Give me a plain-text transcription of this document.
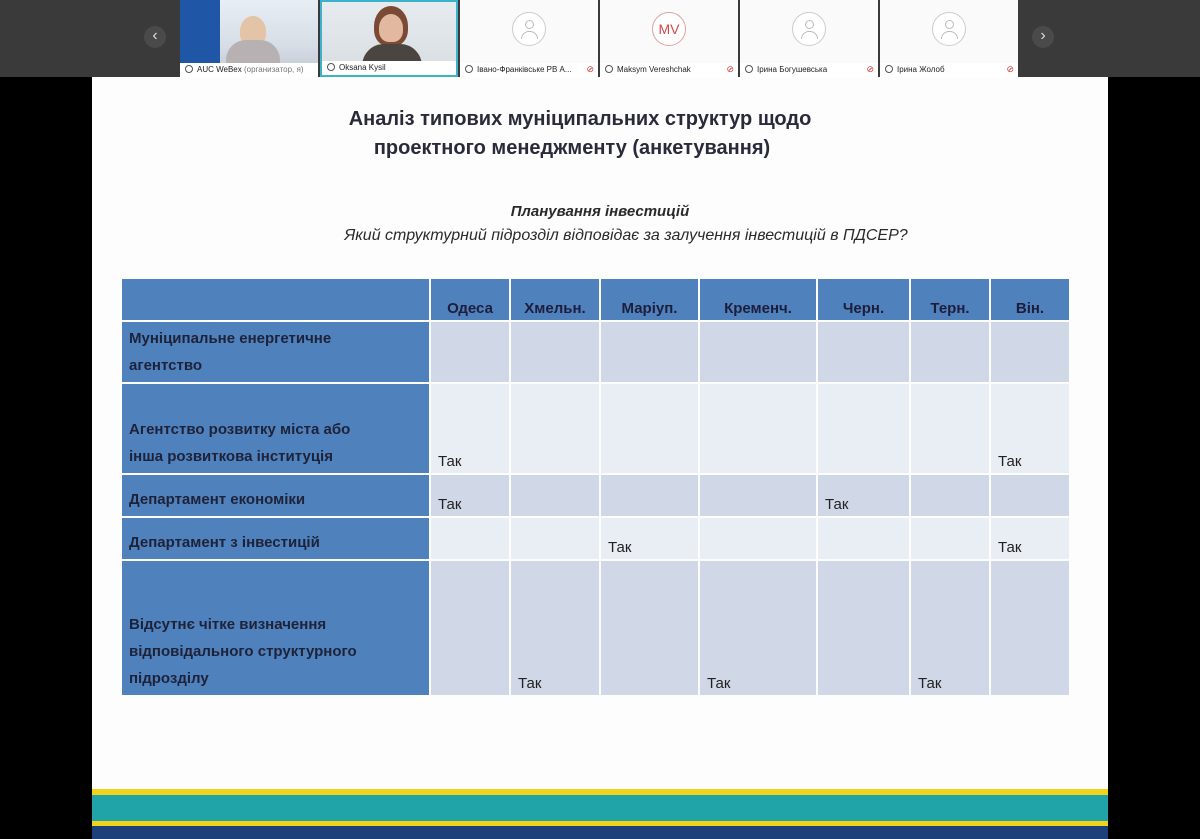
‹
AUC WeBex (организатор, я)	Oksana Kysil	Івано-Франківське РВ А...	⊘
MV
Maksym Vereshchak	⊘	Ірина Богушевська	⊘	Ірина Жолоб	⊘
›
Аналіз типових муніципальних структур щодо
проектного менеджменту (анкетування)
Планування інвестицій
Який структурний підрозділ відповідає за залучення інвестицій в ПДСЕР?
	Одеса	Хмельн.	Маріуп.	Кременч.	Черн.	Терн.	Він.

Муніципальне енергетичне
агентство							

Агентство розвитку міста або
інша розвиткова інституція	Так						Так

Департамент економіки	Так				Так		

Департамент з інвестицій			Так				Так

Відсутнє чітке визначення
відповідального структурного
підрозділу		Так		Так		Так	
